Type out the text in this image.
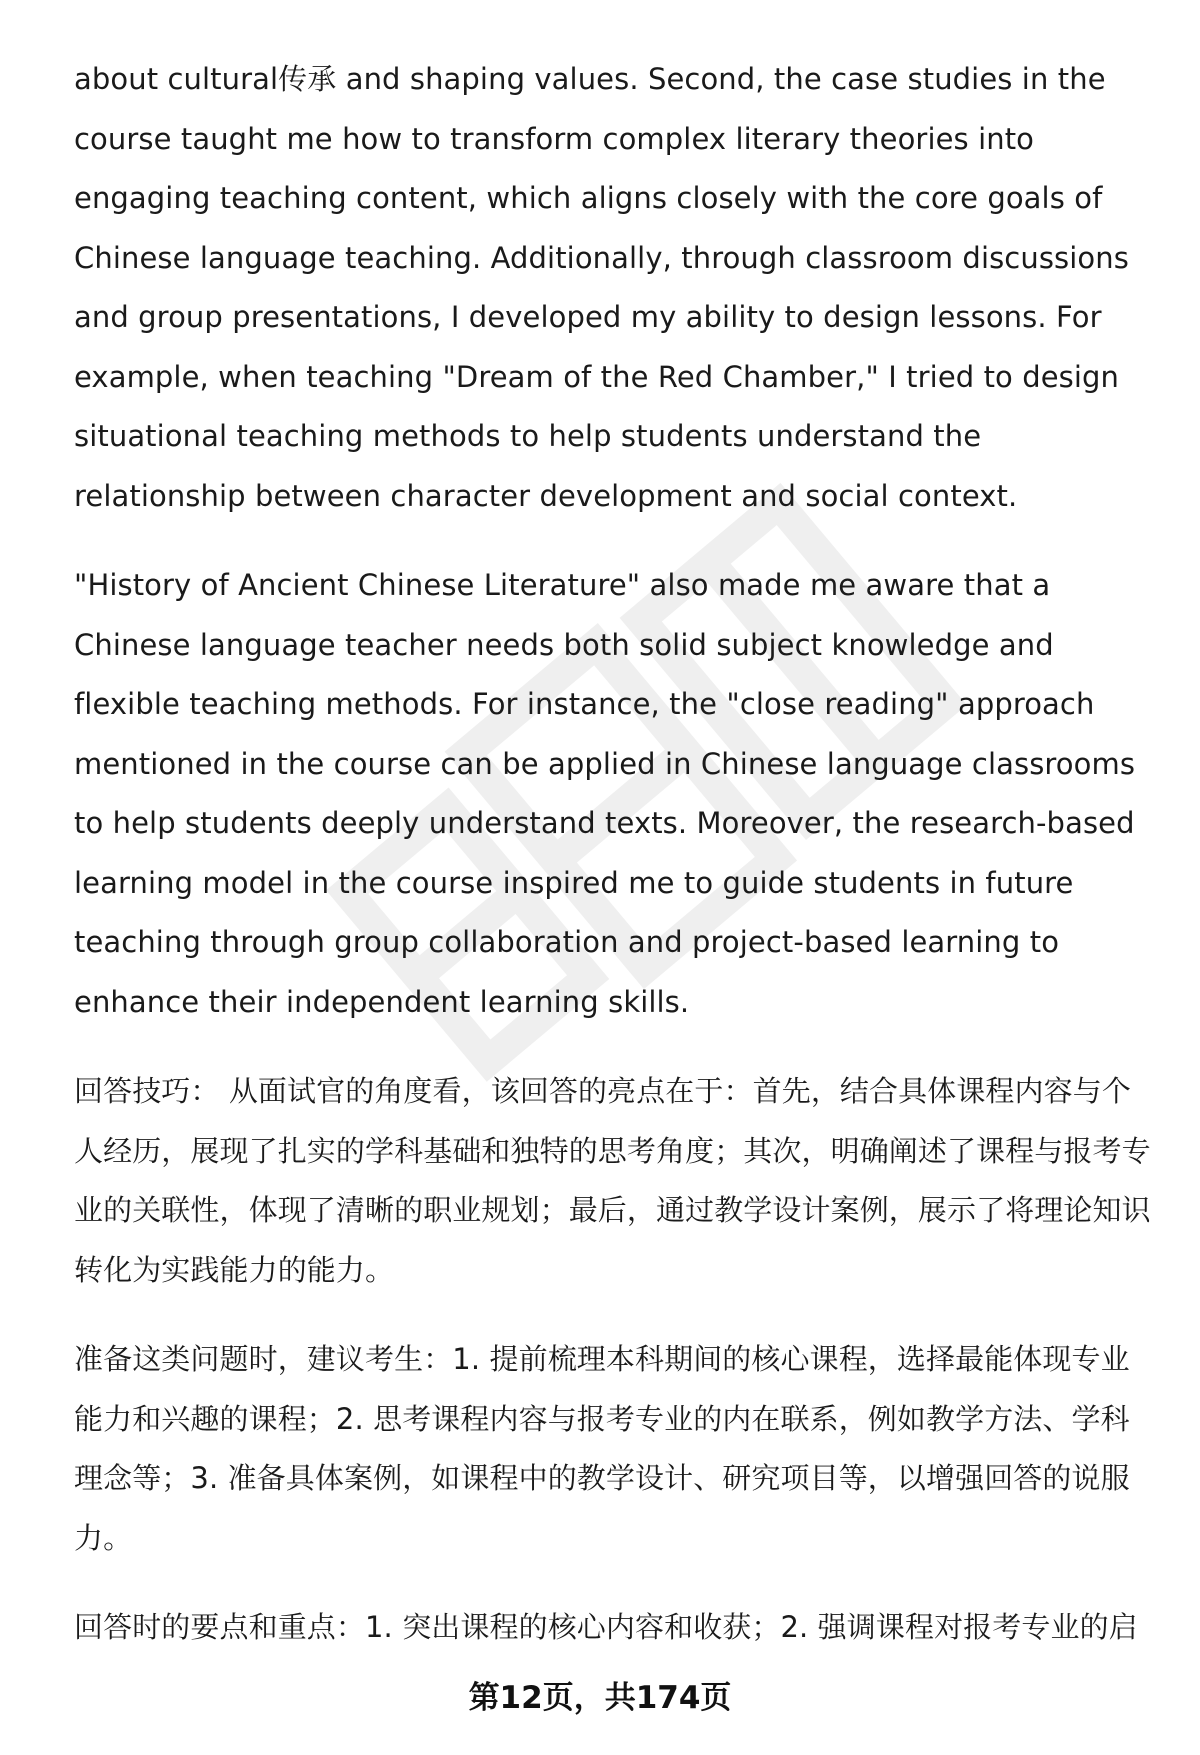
about cultural传承 and shaping values. Second, the case studies in the course taught me how to transform complex literary theories into engaging teaching content, which aligns closely with the core goals of Chinese language teaching. Additionally, through classroom discussions and group presentations, I developed my ability to design lessons. For example, when teaching "Dream of the Red Chamber," I tried to design situational teaching methods to help students understand the relationship between character development and social context.

"History of Ancient Chinese Literature" also made me aware that a Chinese language teacher needs both solid subject knowledge and flexible teaching methods. For instance, the "close reading" approach mentioned in the course can be applied in Chinese language classrooms to help students deeply understand texts. Moreover, the research-based learning model in the course inspired me to guide students in future teaching through group collaboration and project-based learning to enhance their independent learning skills.

回答技巧： 从面试官的角度看，该回答的亮点在于：首先，结合具体课程内容与个人经历，展现了扎实的学科基础和独特的思考角度；其次，明确阐述了课程与报考专业的关联性，体现了清晰的职业规划；最后，通过教学设计案例，展示了将理论知识转化为实践能力的能力。

准备这类问题时，建议考生：1. 提前梳理本科期间的核心课程，选择最能体现专业能力和兴趣的课程；2. 思考课程内容与报考专业的内在联系，例如教学方法、学科理念等；3. 准备具体案例，如课程中的教学设计、研究项目等，以增强回答的说服力。

回答时的要点和重点：1. 突出课程的核心内容和收获；2. 强调课程对报考专业的启

第12页，共174页
